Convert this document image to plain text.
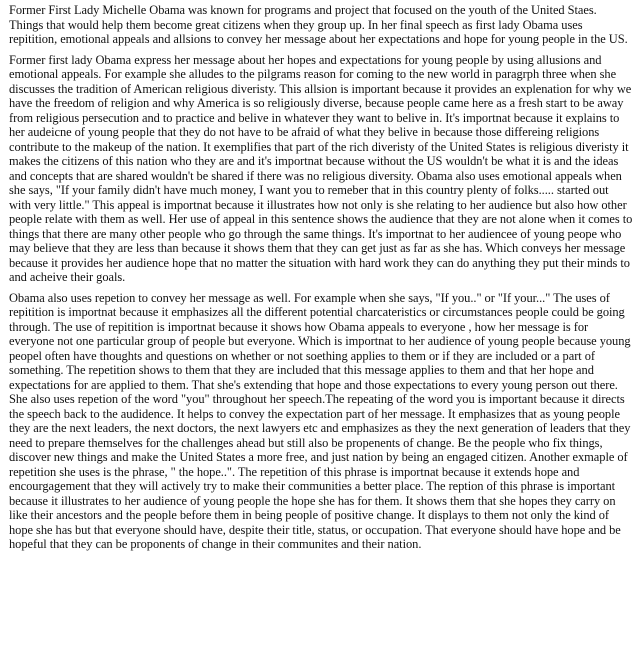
Former First Lady Michelle Obama was known for programs and project that focused on the youth of the United Staes. Things that would help them become great citizens when they group up. In her final speech as first lady Obama uses repitition, emotional appeals and allsions to convey her message about her expectations and hope for young people in the US.

Former first lady Obama express her message about her hopes and expectations for young people by using allusions and emotional appeals. For example she alludes to the pilgrams reason for coming to the new world in paragrph three when she discusses the tradition of American religious diveristy. This allsion is important because it provides an explenation for why we have the freedom of religion and why America is so religiously diverse, because people came here as a fresh start to be away from religious persecution and to practice and belive in whatever they want to belive in. It's importnat because it explains to her audeicne of young people that they do not have to be afraid of what they belive in because those differeing religions contribute to the makeup of the nation. It exemplifies that part of the rich diveristy of the United States is religious diveristy it makes the citizens of this nation who they are and it's importnat because without the US wouldn't be what it is and the ideas and concepts that are shared wouldn't be shared if there was no religious diversity. Obama also uses emotional appeals when she says, "If your family didn't have much money, I want you to remeber that in this country plenty of folks..... started out with very little." This appeal is importnat because it illustrates how not only is she relating to her audience but also how other people relate with them as well. Her use of appeal in this sentence shows the audience that they are not alone when it comes to things that there are many other people who go through the same things. It's importnat to her audiencee of young peope who may believe that they are less than because it shows them that they can get just as far as she has. Which conveys her message because it provides her audience hope that no matter the situation with hard work they can do anything they put their minds to and acheive their goals.

Obama also uses repetion to convey her message as well. For example when she says, "If you.." or "If your..." The uses of repitition is importnat because it emphasizes all the different potential charcateristics or circumstances people could be going through. The use of repitition is importnat because it shows how Obama appeals to everyone , how her message is for everyone not one particular group of people but everyone. Which is importnat to her audience of young people because young peopel often have thoughts and questions on whether or not soething applies to them or if they are included or a part of something. The repetition shows to them that they are included that this message applies to them and that her hope and expectations for are applied to them. That she's extending that hope and those expectations to every young person out there. She also uses repetion of the word "you" throughout her speech.The repeating of the word you is important because it directs the speech back to the audidence. It helps to convey the expectation part of her message. It emphasizes that as young people they are the next leaders, the next doctors, the next lawyers etc and emphasizes as they the next generation of leaders that they need to prepare themselves for the challenges ahead but still also be propenents of change. Be the people who fix things, discover new things and make the United States a more free, and just nation by being an engaged citizen. Another exmaple of repetition she uses is the phrase, " the hope..". The repetition of this phrase is importnat because it extends hope and encourgagement that they will actively try to make their communities a better place. The reption of this phrase is important because it illustrates to her audience of young people the hope she has for them. It shows them that she hopes they carry on like their ancestors and the people before them in being people of positive change. It displays to them not only the kind of hope she has but that everyone should have, despite their title, status, or occupation. That everyone should have hope and be hopeful that they can be proponents of change in their communites and their nation.
